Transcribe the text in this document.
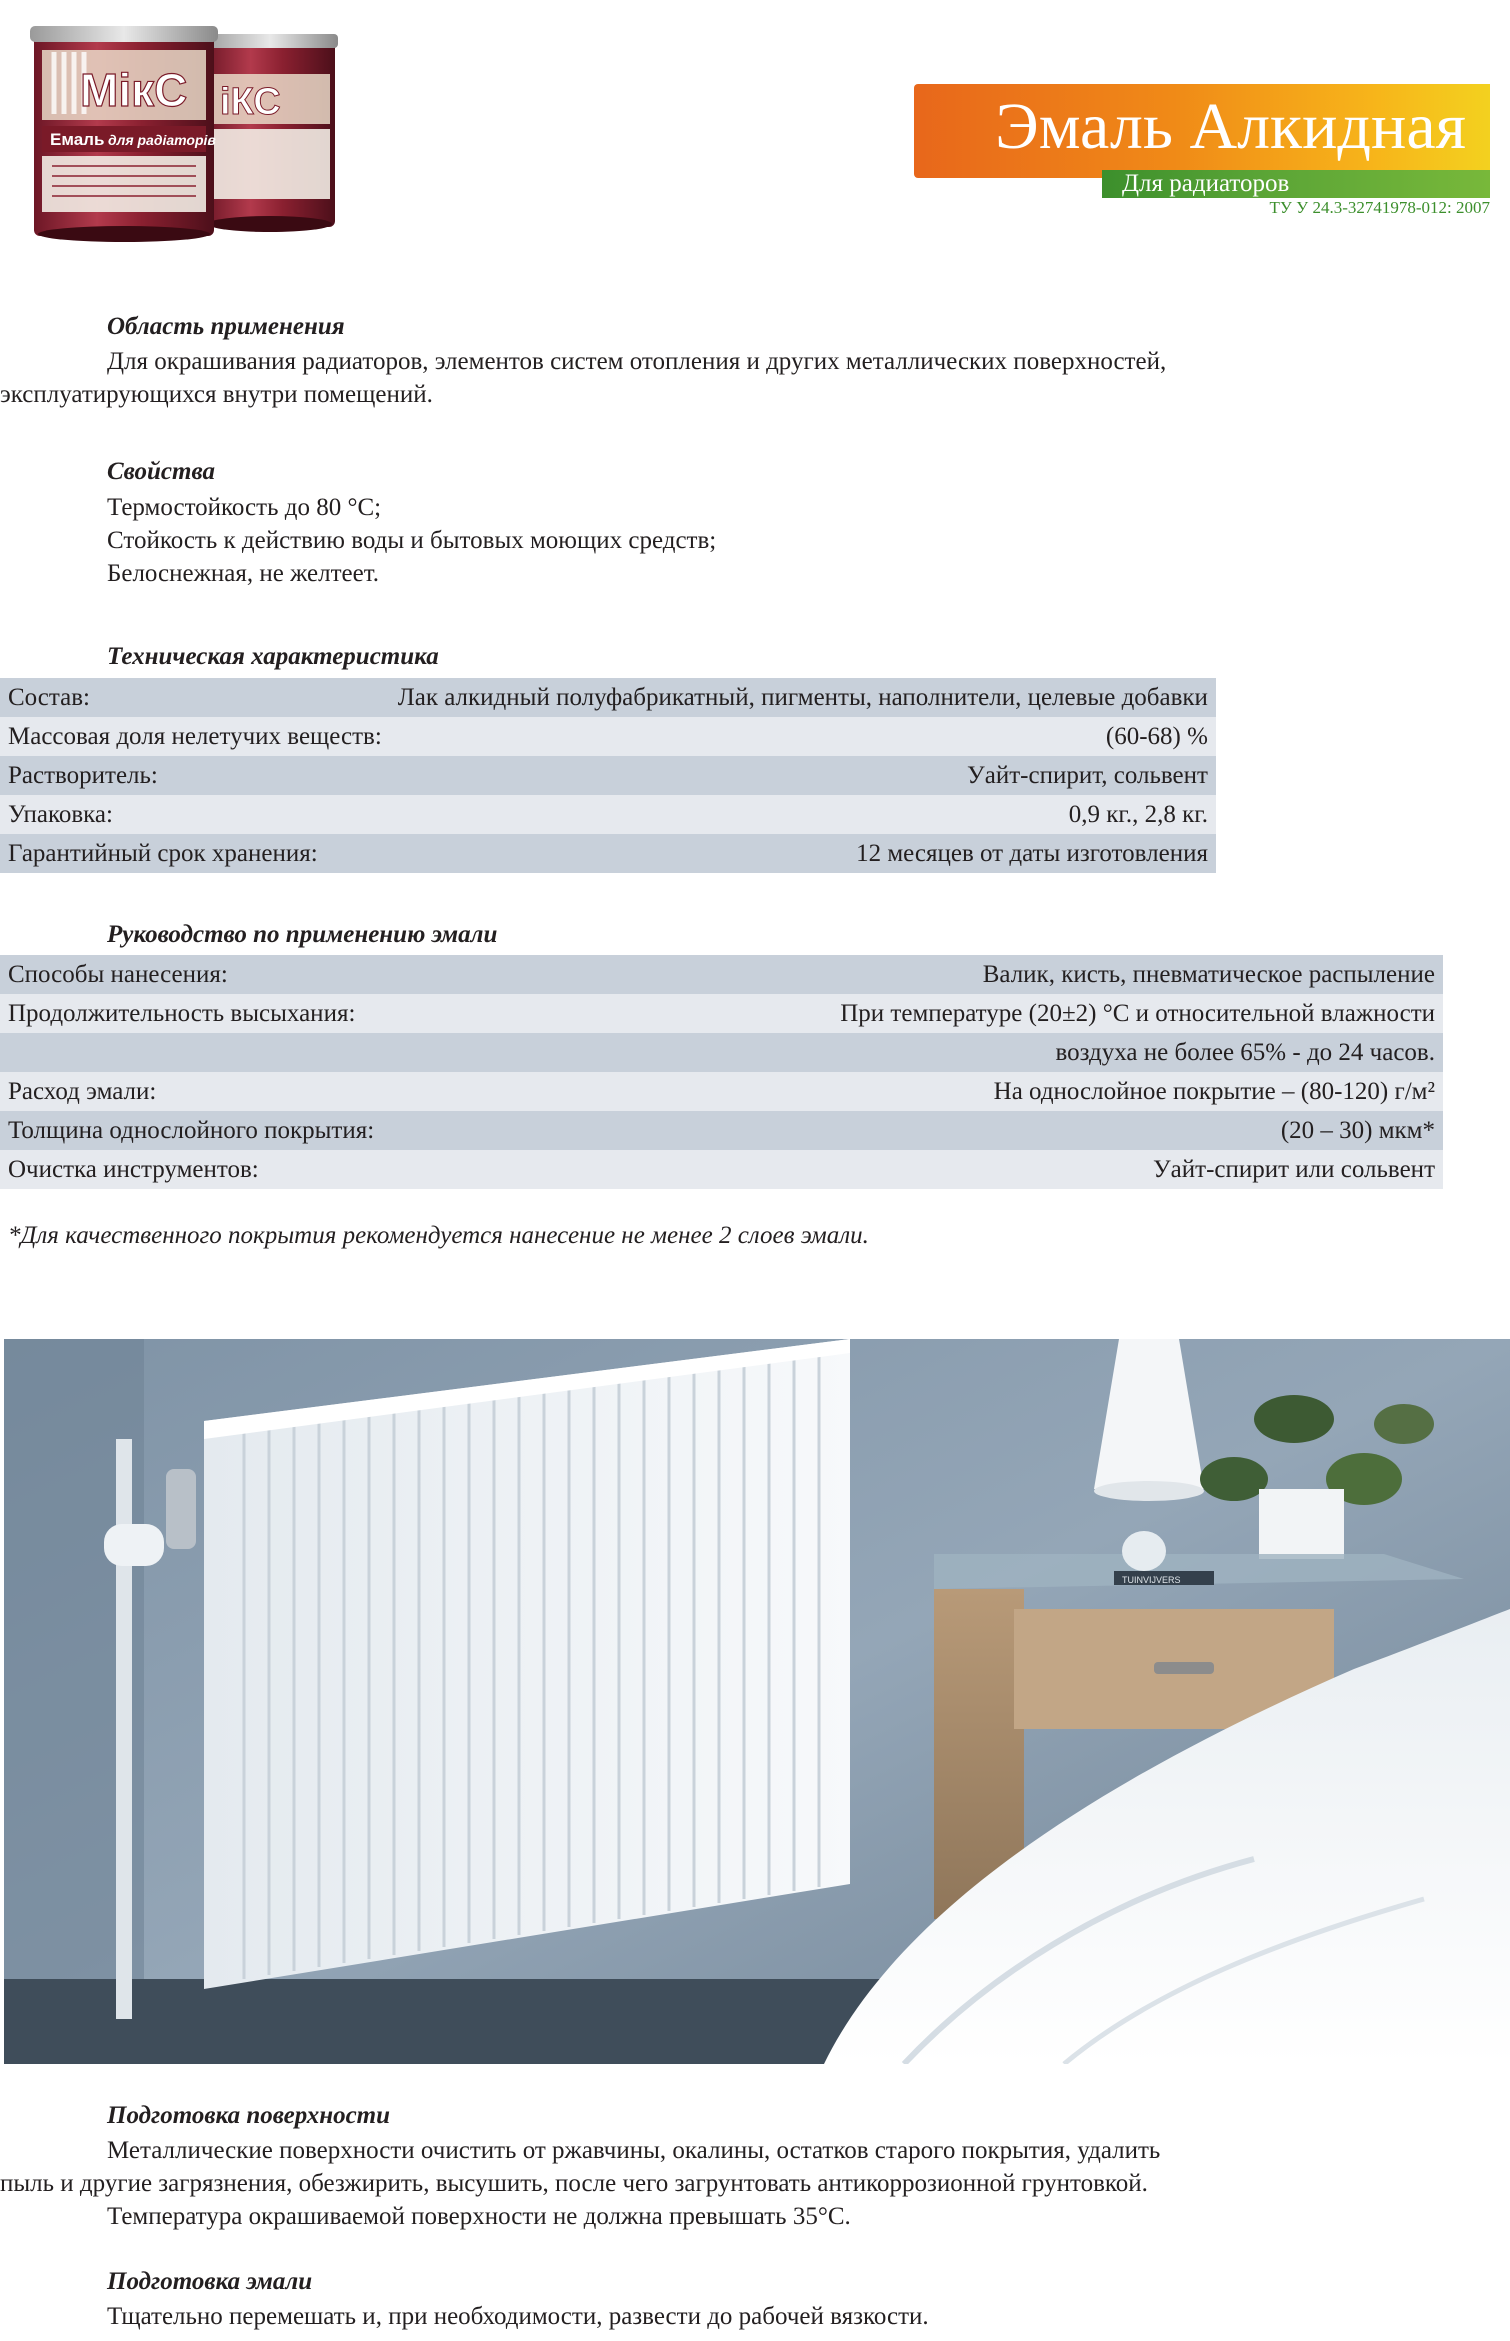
іКС
МікС
Емаль для радіаторів	Эмаль Алкидная
Для радиаторов
ТУ У 24.3-32741978-012: 2007
Область применения
Для окрашивания радиаторов, элементов систем отопления и других металлических поверхностей,
эксплуатирующихся внутри помещений.
Свойства
Термостойкость до 80 °С;
Стойкость к действию воды и бытовых моющих средств;
Белоснежная, не желтеет.
Техническая характеристика
Состав:	Лак алкидный полуфабрикатный, пигменты, наполнители, целевые добавки
Массовая доля нелетучих веществ:	(60-68) %
Растворитель:	Уайт-спирит, сольвент
Упаковка:	0,9 кг., 2,8 кг.
Гарантийный срок хранения:	12 месяцев от даты изготовления
Руководство по применению эмали
Способы нанесения:	Валик, кисть, пневматическое распыление
Продолжительность высыхания:	При температуре (20±2) °С и относительной влажности
	воздуха не более 65% - до 24 часов.
Расход эмали:	На однослойное покрытие – (80-120) г/м²
Толщина однослойного покрытия:	(20 – 30) мкм*
Очистка инструментов:	Уайт-спирит или сольвент
*Для качественного покрытия рекомендуется нанесение не менее 2 слоев эмали.
TUINVIJVERS
Подготовка поверхности
Металлические поверхности очистить от ржавчины, окалины, остатков старого покрытия, удалить
пыль и другие загрязнения, обезжирить, высушить, после чего загрунтовать антикоррозионной грунтовкой.
Температура окрашиваемой поверхности не должна превышать 35°С.
Подготовка эмали
Тщательно перемешать и, при необходимости, развести до рабочей вязкости.
